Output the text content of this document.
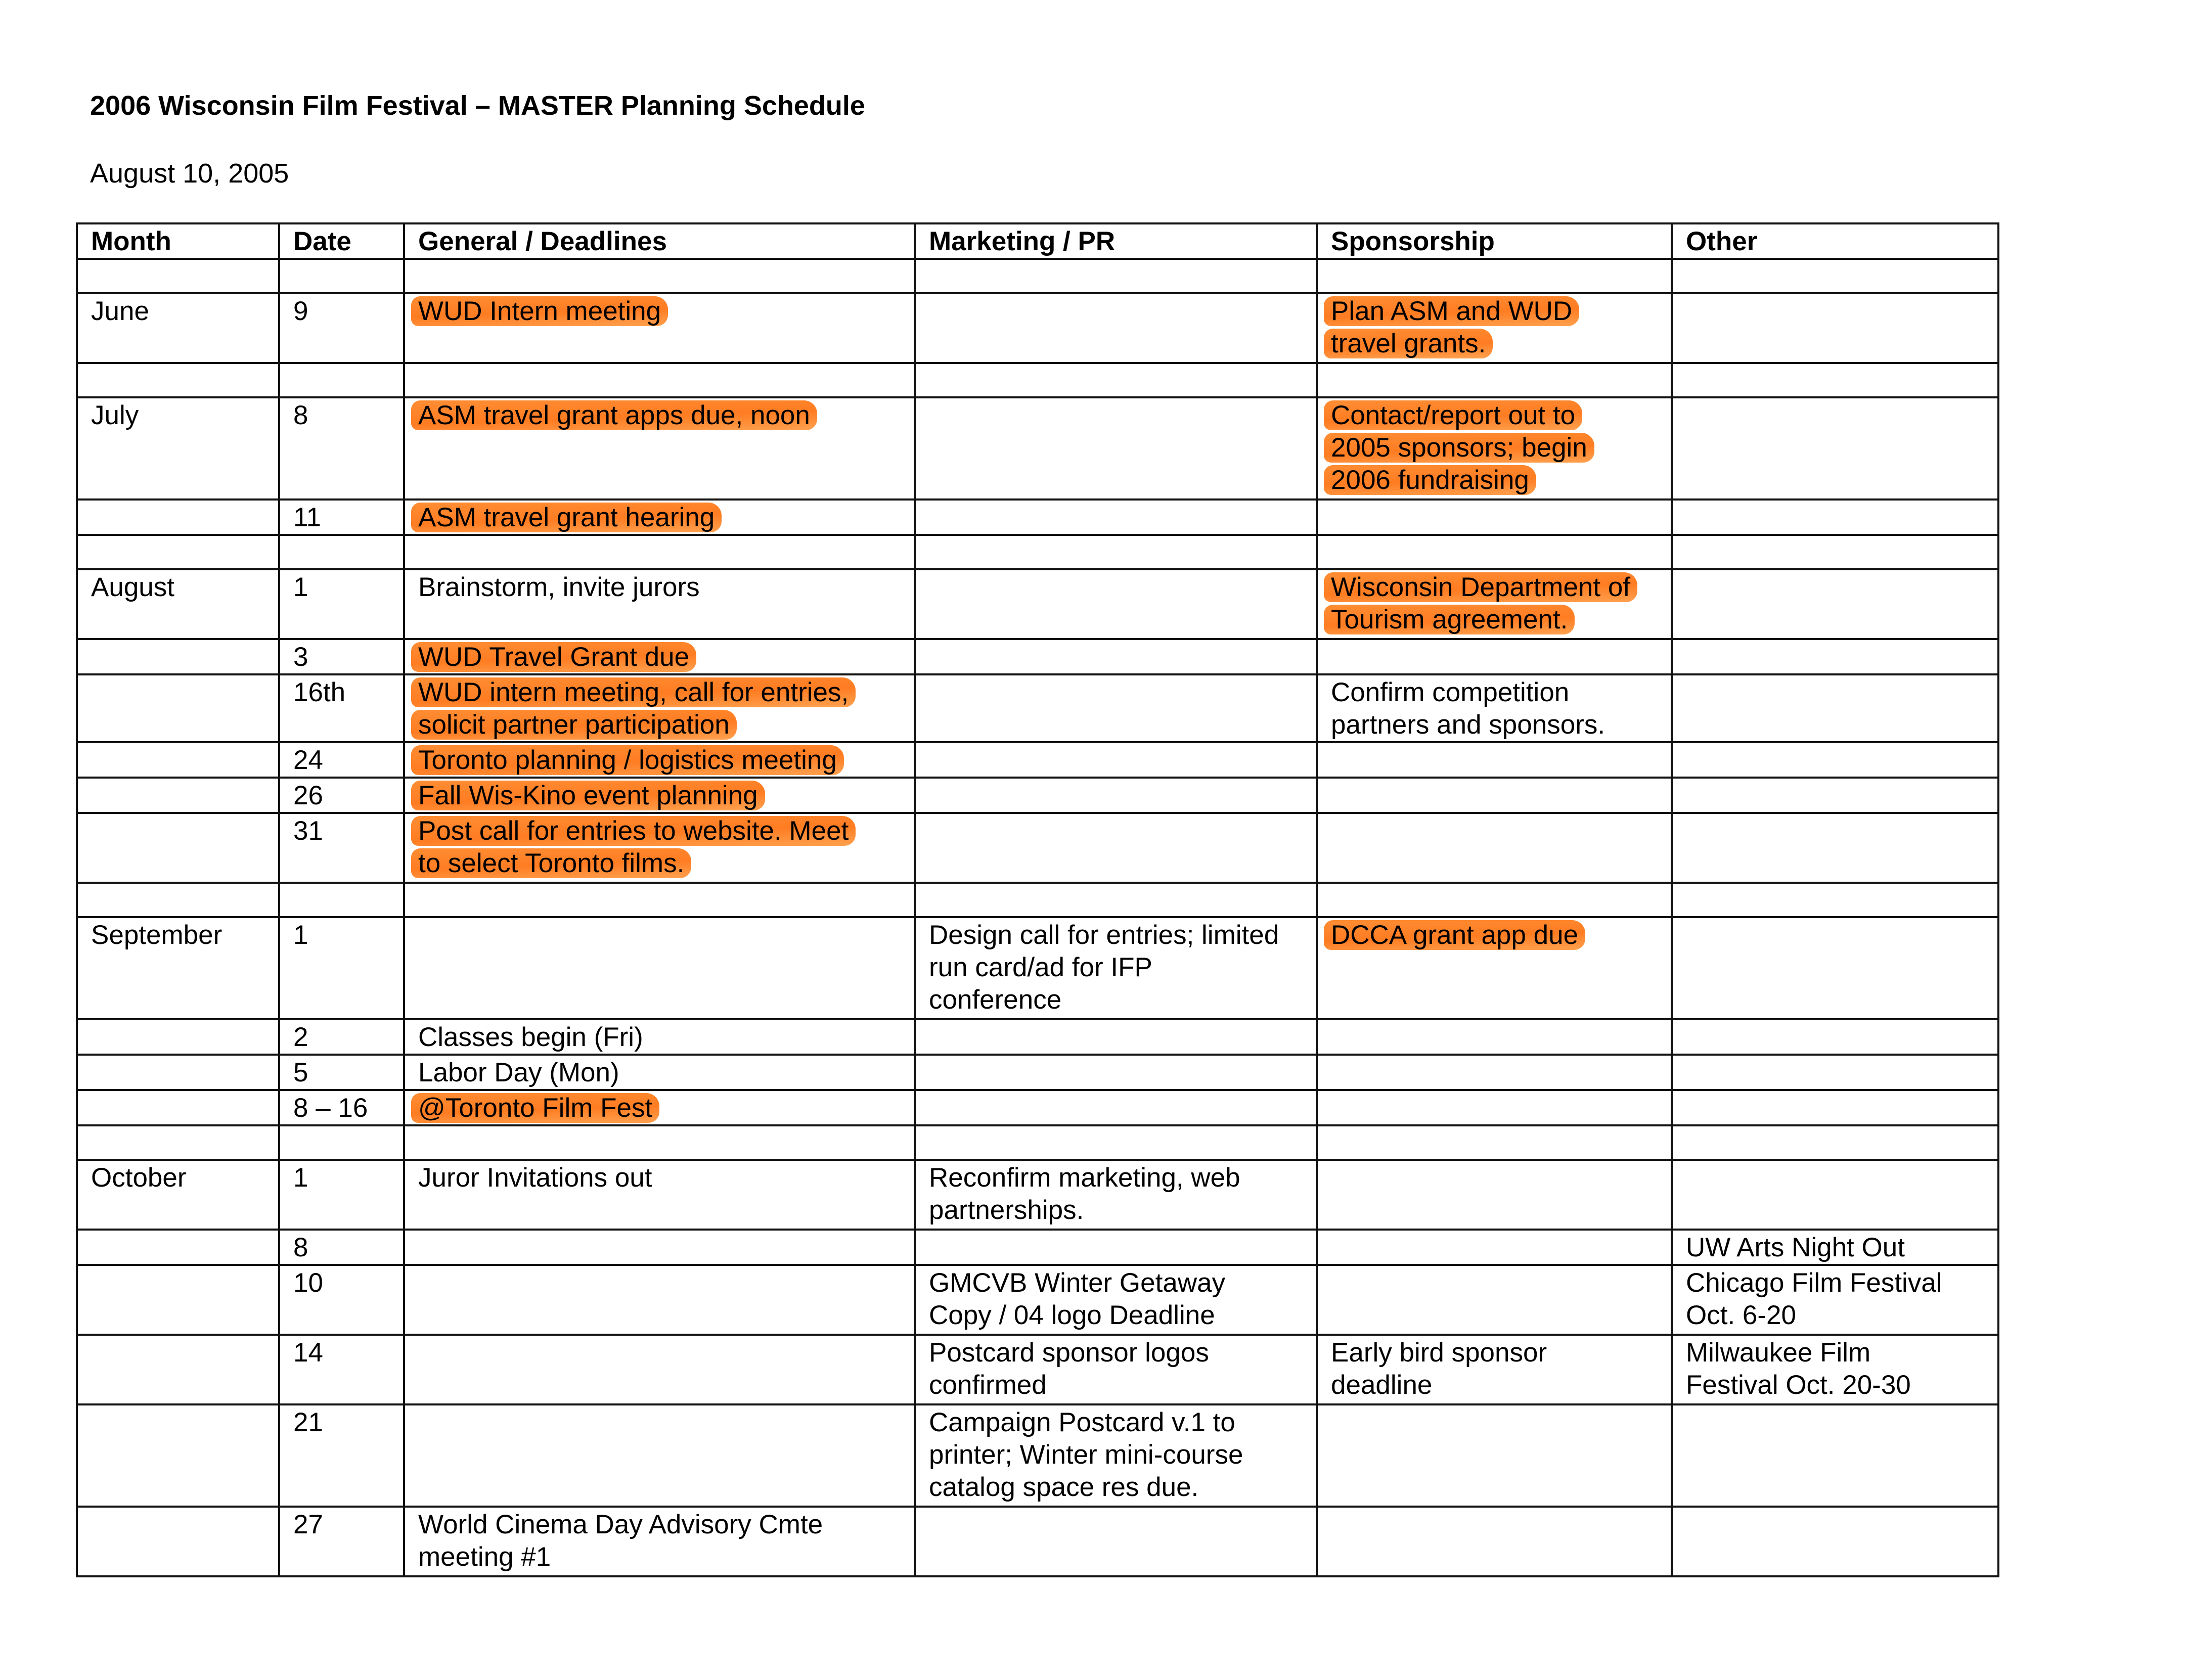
2006 Wisconsin Film Festival – MASTER Planning Schedule
August 10, 2005
Month	Date	General / Deadlines	Marketing / PR	Sponsorship	Other

June	9	WUD Intern meeting		Plan ASM and WUD
travel grants.	

July	8	ASM travel grant apps due, noon		Contact/report out to
2005 sponsors; begin
2006 fundraising	
	11	ASM travel grant hearing			

August	1	Brainstorm, invite jurors		Wisconsin Department of
Tourism agreement.	
	3	WUD Travel Grant due			
	16th	WUD intern meeting, call for entries,
solicit partner participation		Confirm competition
partners and sponsors.	
	24	Toronto planning / logistics meeting			
	26	Fall Wis-Kino event planning			
	31	Post call for entries to website. Meet
to select Toronto films.			

September	1		Design call for entries; limited
run card/ad for IFP
conference	DCCA grant app due	
	2	Classes begin (Fri)			
	5	Labor Day (Mon)			
	8 – 16	@Toronto Film Fest			

October	1	Juror Invitations out	Reconfirm marketing, web
partnerships.		
	8				UW Arts Night Out
	10		GMCVB Winter Getaway
Copy / 04 logo Deadline		Chicago Film Festival
Oct. 6-20
	14		Postcard sponsor logos
confirmed	Early bird sponsor
deadline	Milwaukee Film
Festival Oct. 20-30
	21		Campaign Postcard v.1 to
printer; Winter mini-course
catalog space res due.		
	27	World Cinema Day Advisory Cmte
meeting #1			
